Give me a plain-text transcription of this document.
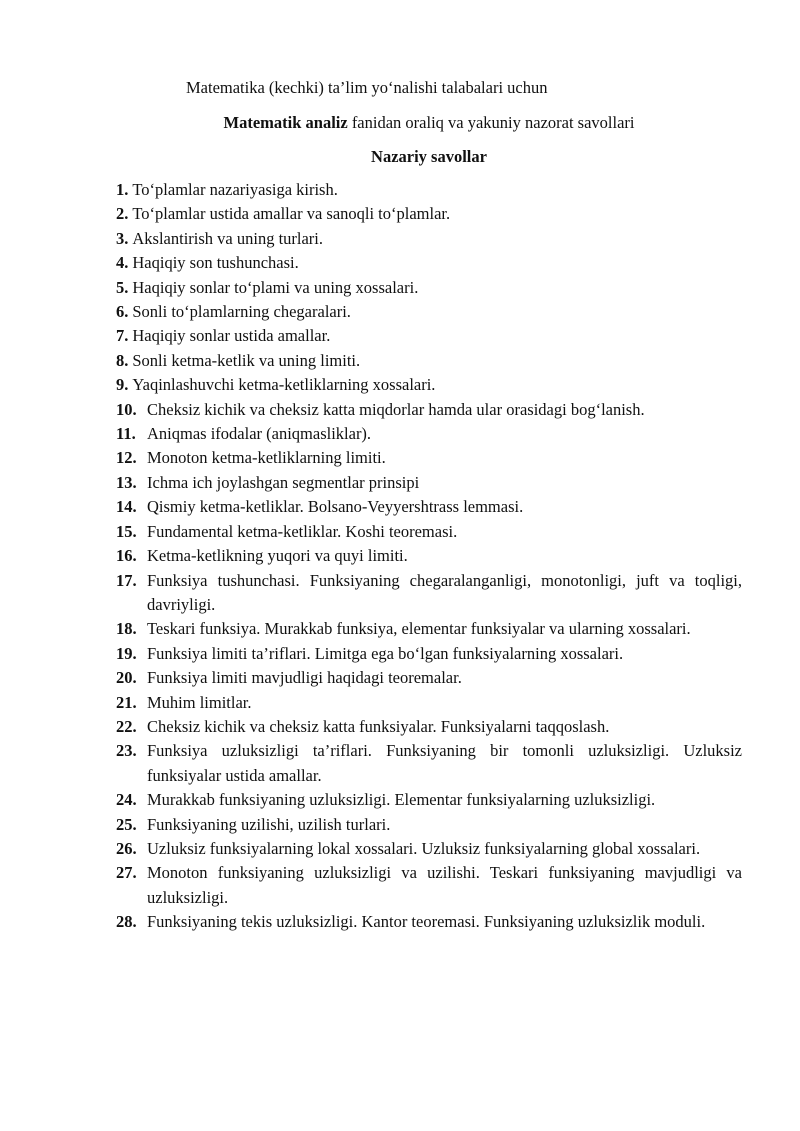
Matematika (kechki) ta’lim yo‘nalishi talabalari uchun

Matematik analiz fanidan oraliq va yakuniy nazorat savollari

Nazariy savollar

1. To‘plamlar nazariyasiga kirish.
2. To‘plamlar ustida amallar va sanoqli to‘plamlar.
3. Akslantirish va uning turlari.
4. Haqiqiy son tushunchasi.
5. Haqiqiy sonlar to‘plami va uning xossalari.
6. Sonli to‘plamlarning chegaralari.
7. Haqiqiy sonlar ustida amallar.
8. Sonli ketma-ketlik va uning limiti.
9. Yaqinlashuvchi ketma-ketliklarning xossalari.
10. Cheksiz kichik va cheksiz katta miqdorlar hamda ular orasidagi bog‘lanish.
11. Aniqmas ifodalar (aniqmasliklar).
12. Monoton ketma-ketliklarning limiti.
13. Ichma ich joylashgan segmentlar prinsipi
14. Qismiy ketma-ketliklar. Bolsano-Veyyershtrass lemmasi.
15. Fundamental ketma-ketliklar. Koshi teoremasi.
16. Ketma-ketlikning yuqori va quyi limiti.
17. Funksiya tushunchasi. Funksiyaning chegaralanganligi, monotonligi, juft va toqligi, davriyligi.
18. Teskari funksiya. Murakkab funksiya, elementar funksiyalar va ularning xossalari.
19. Funksiya limiti ta’riflari. Limitga ega bo‘lgan funksiyalarning xossalari.
20. Funksiya limiti mavjudligi haqidagi teoremalar.
21. Muhim limitlar.
22. Cheksiz kichik va cheksiz katta funksiyalar. Funksiyalarni taqqoslash.
23. Funksiya uzluksizligi ta’riflari. Funksiyaning bir tomonli uzluksizligi. Uzluksiz funksiyalar ustida amallar.
24. Murakkab funksiyaning uzluksizligi. Elementar funksiyalarning uzluksizligi.
25. Funksiyaning uzilishi, uzilish turlari.
26. Uzluksiz funksiyalarning lokal xossalari. Uzluksiz funksiyalarning global xossalari.
27. Monoton funksiyaning uzluksizligi va uzilishi. Teskari funksiyaning mavjudligi va uzluksizligi.
28. Funksiyaning tekis uzluksizligi. Kantor teoremasi. Funksiyaning uzluksizlik moduli.
